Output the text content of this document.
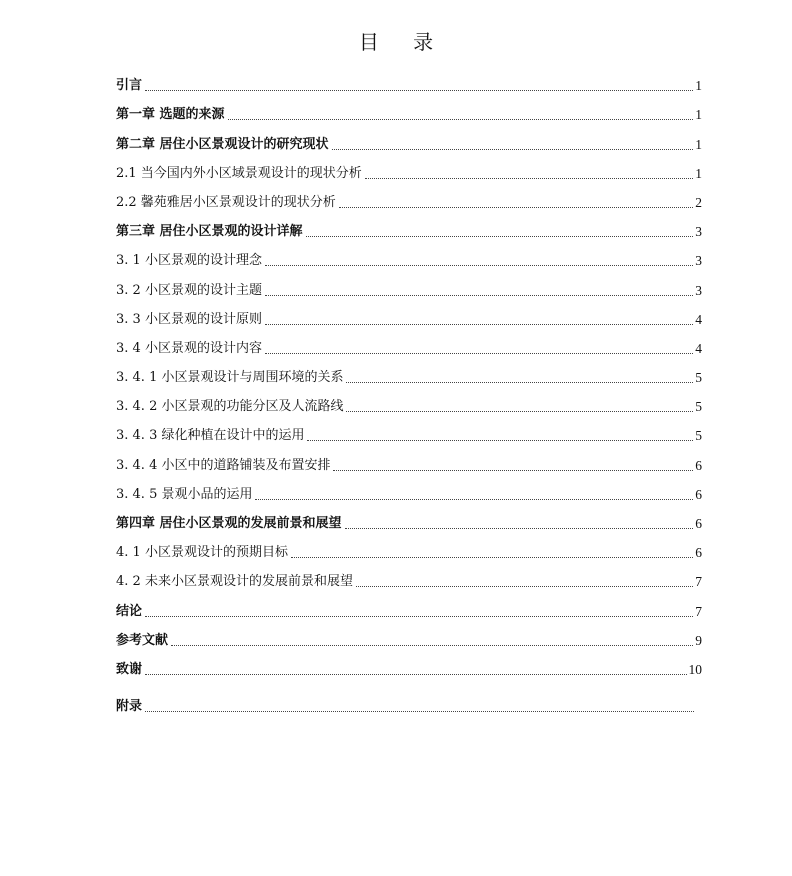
目 录
引言	1
第一章 选题的来源	1
第二章 居住小区景观设计的研究现状	1
2.1 当今国内外小区域景观设计的现状分析	1
2.2 馨苑雅居小区景观设计的现状分析	2
第三章 居住小区景观的设计详解	3
3. 1 小区景观的设计理念	3
3. 2 小区景观的设计主题	3
3. 3 小区景观的设计原则	4
3. 4 小区景观的设计内容	4
3. 4. 1 小区景观设计与周围环境的关系	5
3. 4. 2 小区景观的功能分区及人流路线	5
3. 4. 3 绿化种植在设计中的运用	5
3. 4. 4 小区中的道路铺装及布置安排	6
3. 4. 5 景观小品的运用	6
第四章 居住小区景观的发展前景和展望	6
4. 1 小区景观设计的预期目标	6
4. 2 未来小区景观设计的发展前景和展望	7
结论	7
参考文献	9
致谢	10
附录
